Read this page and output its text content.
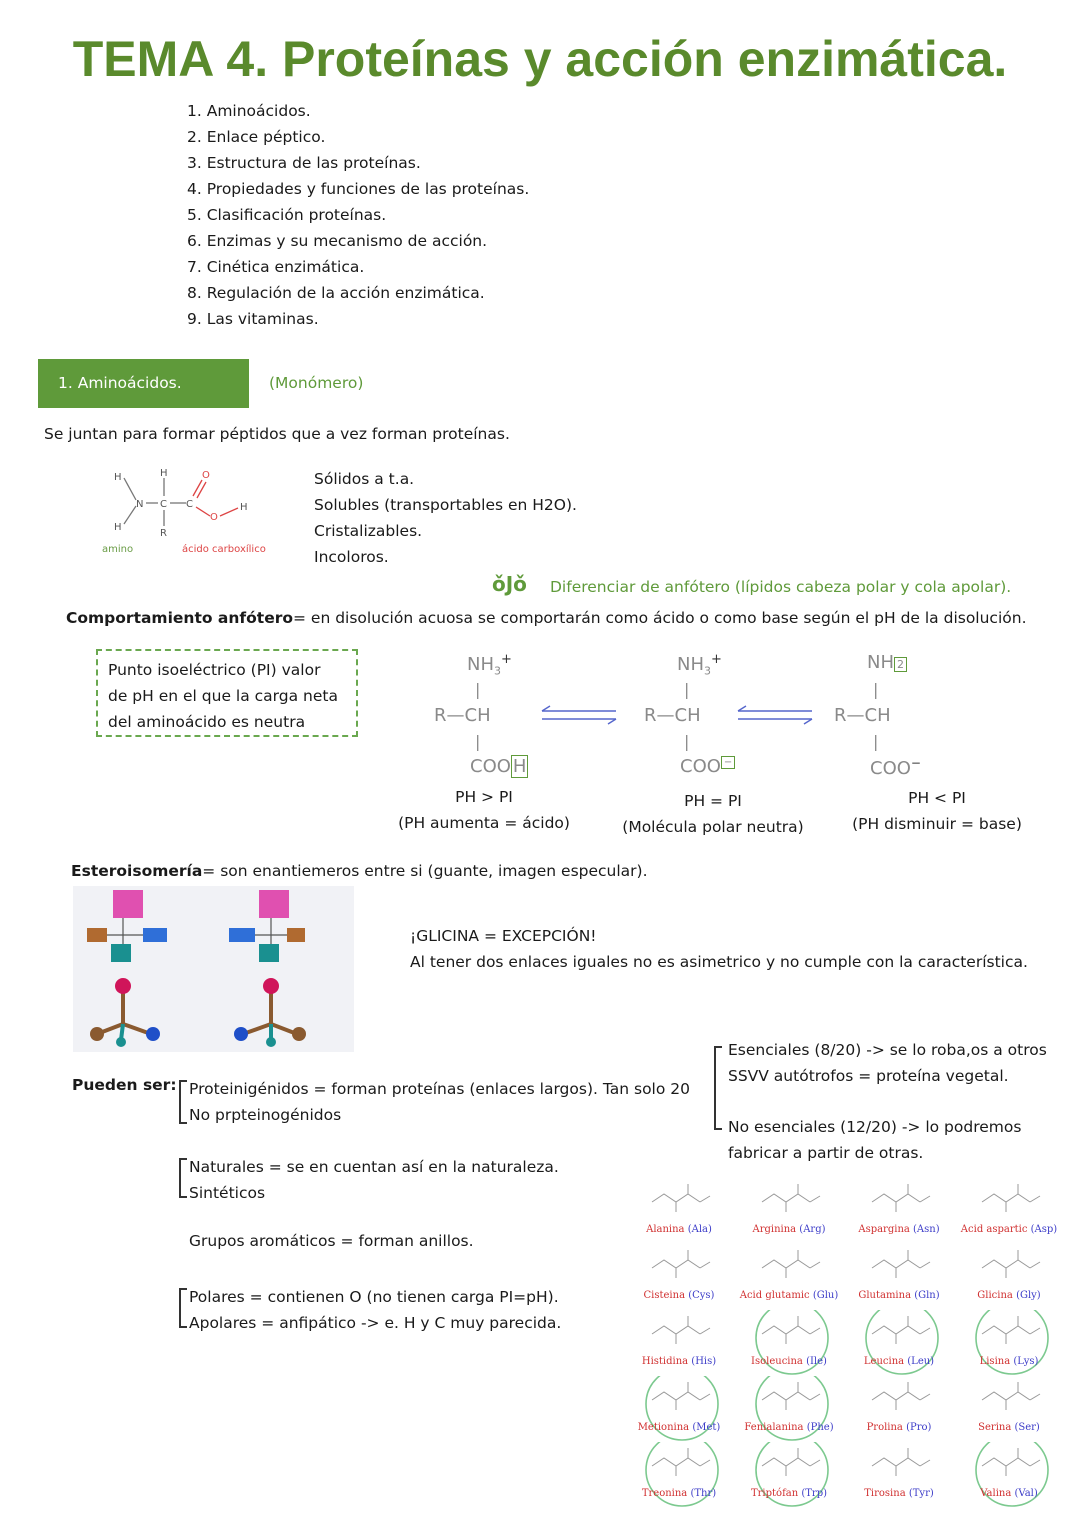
TEMA 4. Proteínas y acción enzimática.
1. Aminoácidos.
2. Enlace péptico.
3. Estructura de las proteínas.
4. Propiedades y funciones de las proteínas.
5. Clasificación proteínas.
6. Enzimas y su mecanismo de acción.
7. Cinética enzimática.
8. Regulación de la acción enzimática.
9. Las vitaminas.
1. Aminoácidos.	(Monómero)
Se juntan para formar péptidos que a vez forman proteínas.
H
N
H
H
C
R
C
O
O
H
amino	ácido carboxílico
Sólidos a t.a.
Solubles (transportables en H2O).
Cristalizables.
Incoloros.
ǒJǒ Diferenciar de anfótero (lípidos cabeza polar y cola apolar).
Comportamiento anfótero= en disolución acuosa se comportarán como ácido o como base según el pH de la disolución.
Punto isoeléctrico (PI) valor
de pH en el que la carga neta
del aminoácido es neutra
$NH_3^+$
|
R—CH
|
COO H
$NH_3^+$
|
R—CH
|
COO −
NH 2
|
R—CH
|
COO−
PH > PI
(PH aumenta = ácido)
PH = PI
(Molécula polar neutra)
PH < PI
(PH disminuir = base)
Esteroisomería= son enantiemeros entre si (guante, imagen especular).
¡GLICINA = EXCEPCIÓN!
Al tener dos enlaces iguales no es asimetrico y no cumple con la característica.
Pueden ser: Proteinigénidos = forman proteínas (enlaces largos). Tan solo 20
No prpteinogénidos
Esenciales (8/20) -> se lo roba,os a otros
SSVV autótrofos = proteína vegetal.
No esenciales (12/20) -> lo podremos
fabricar a partir de otras.
Naturales = se en cuentan así en la naturaleza.
Sintéticos
Grupos aromáticos = forman anillos.
Polares = contienen O (no tienen carga PI=pH).
Apolares = anfipático -> e. H y C muy parecida.
Alanina (Ala)	Arginina (Arg)	Aspargina (Asn)	Acid aspartic (Asp)
Cisteina (Cys)	Acid glutamic (Glu)	Glutamina (Gln)	Glicina (Gly)
Histidina (His)	Isoleucina (Ile)	Leucina (Leu)	Lisina (Lys)
Metionina (Met)	Fenialanina (Phe)	Prolina (Pro)	Serina (Ser)
Treonina (Thr)	Triptófan (Trp)	Tirosina (Tyr)	Valina (Val)
